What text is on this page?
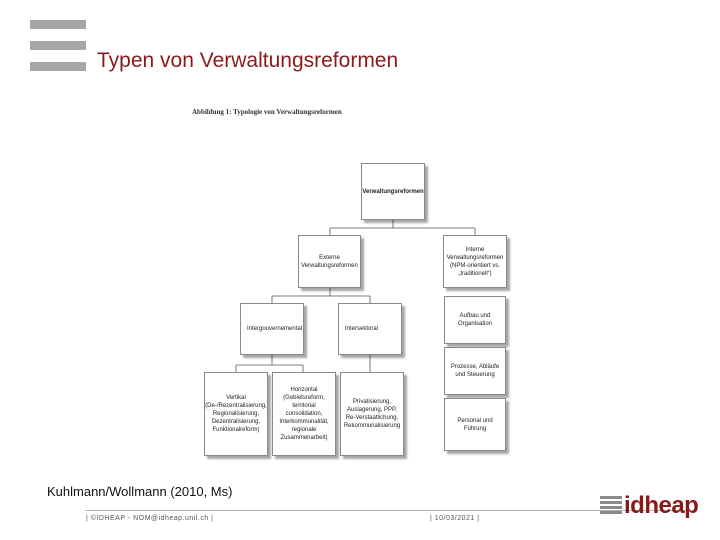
Typen von Verwaltungsreformen
Abbildung 1: Typologie von Verwaltungsreformen
Verwaltungsreformen
Externe Verwaltungsreformen
Interne Verwaltungsreformen (NPM-orientiert vs. „traditionell“)
Intergouvernemental	Intersektoral
Vertikal (De-/Rezentralisierung, Regionalisierung, Dezentralisierung, Funktionalreform)
Horizontal (Gebietsreform, territorial consolidation, Interkommunalität, regionale Zusammenarbeit)
Privatisierung, Auslagerung, PPP, Re-Verstaatlichung, Rekommunalisierung
Aufbau und Organisation
Prozesse, Abläufe und Steuerung
Personal und Führung
Kuhlmann/Wollmann (2010, Ms)
| ©IDHEAP - NOM@idheap.unil.ch |	| 10/03/2021 |	idheap
